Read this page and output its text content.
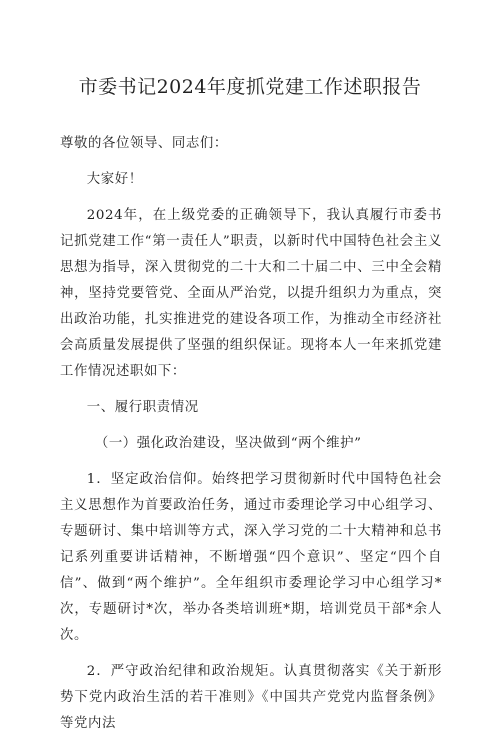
市委书记2024年度抓党建工作述职报告

尊敬的各位领导、同志们：

大家好！

2024年，在上级党委的正确领导下，我认真履行市委书记抓党建工作“第一责任人”职责，以新时代中国特色社会主义思想为指导，深入贯彻党的二十大和二十届二中、三中全会精神，坚持党要管党、全面从严治党，以提升组织力为重点，突出政治功能，扎实推进党的建设各项工作，为推动全市经济社会高质量发展提供了坚强的组织保证。现将本人一年来抓党建工作情况述职如下：

一、履行职责情况

（一）强化政治建设，坚决做到“两个维护”

1．坚定政治信仰。始终把学习贯彻新时代中国特色社会主义思想作为首要政治任务，通过市委理论学习中心组学习、专题研讨、集中培训等方式，深入学习党的二十大精神和总书记系列重要讲话精神，不断增强“四个意识”、坚定“四个自信”、做到“两个维护”。全年组织市委理论学习中心组学习*次，专题研讨*次，举办各类培训班*期，培训党员干部*余人次。

2．严守政治纪律和政治规矩。认真贯彻落实《关于新形势下党内政治生活的若干准则》《中国共产党党内监督条例》等党内法
